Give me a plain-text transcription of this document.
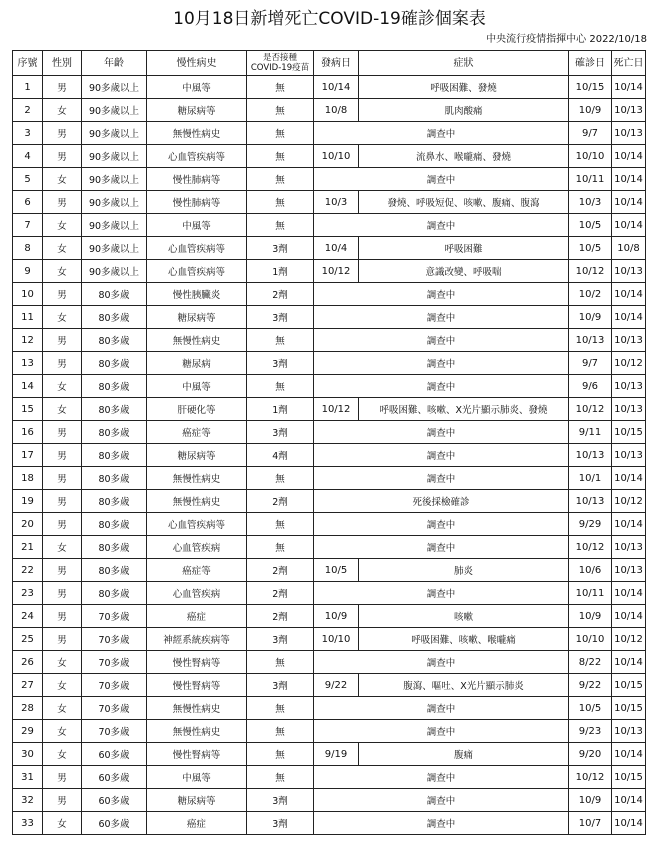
10月18日新增死亡COVID-19確診個案表
中央流行疫情指揮中心 2022/10/18
序號	性別	年齡	慢性病史	是否接種
COVID-19疫苗	發病日	症狀	確診日	死亡日
1	男	90多歲以上	中風等	無	10/14	呼吸困難、發燒	10/15	10/14
2	女	90多歲以上	糖尿病等	無	10/8	肌肉酸痛	10/9	10/13
3	男	90多歲以上	無慢性病史	無	調查中		9/7	10/13
4	男	90多歲以上	心血管疾病等	無	10/10	流鼻水、喉嚨痛、發燒	10/10	10/14
5	女	90多歲以上	慢性肺病等	無	調查中		10/11	10/14
6	男	90多歲以上	慢性肺病等	無	10/3	發燒、呼吸短促、咳嗽、腹痛、腹瀉	10/3	10/14
7	女	90多歲以上	中風等	無	調查中		10/5	10/14
8	女	90多歲以上	心血管疾病等	3劑	10/4	呼吸困難	10/5	10/8
9	女	90多歲以上	心血管疾病等	1劑	10/12	意識改變、呼吸喘	10/12	10/13
10	男	80多歲	慢性胰臟炎	2劑	調查中		10/2	10/14
11	女	80多歲	糖尿病等	3劑	調查中		10/9	10/14
12	男	80多歲	無慢性病史	無	調查中		10/13	10/13
13	男	80多歲	糖尿病	3劑	調查中		9/7	10/12
14	女	80多歲	中風等	無	調查中		9/6	10/13
15	女	80多歲	肝硬化等	1劑	10/12	呼吸困難、咳嗽、X光片顯示肺炎、發燒	10/12	10/13
16	男	80多歲	癌症等	3劑	調查中		9/11	10/15
17	男	80多歲	糖尿病等	4劑	調查中		10/13	10/13
18	男	80多歲	無慢性病史	無	調查中		10/1	10/14
19	男	80多歲	無慢性病史	2劑	死後採檢確診		10/13	10/12
20	男	80多歲	心血管疾病等	無	調查中		9/29	10/14
21	女	80多歲	心血管疾病	無	調查中		10/12	10/13
22	男	80多歲	癌症等	2劑	10/5	肺炎	10/6	10/13
23	男	80多歲	心血管疾病	2劑	調查中		10/11	10/14
24	男	70多歲	癌症	2劑	10/9	咳嗽	10/9	10/14
25	男	70多歲	神經系統疾病等	3劑	10/10	呼吸困難、咳嗽、喉嚨痛	10/10	10/12
26	女	70多歲	慢性腎病等	無	調查中		8/22	10/14
27	女	70多歲	慢性腎病等	3劑	9/22	腹瀉、嘔吐、X光片顯示肺炎	9/22	10/15
28	女	70多歲	無慢性病史	無	調查中		10/5	10/15
29	女	70多歲	無慢性病史	無	調查中		9/23	10/13
30	女	60多歲	慢性腎病等	無	9/19	腹痛	9/20	10/14
31	男	60多歲	中風等	無	調查中		10/12	10/15
32	男	60多歲	糖尿病等	3劑	調查中		10/9	10/14
33	女	60多歲	癌症	3劑	調查中		10/7	10/14
